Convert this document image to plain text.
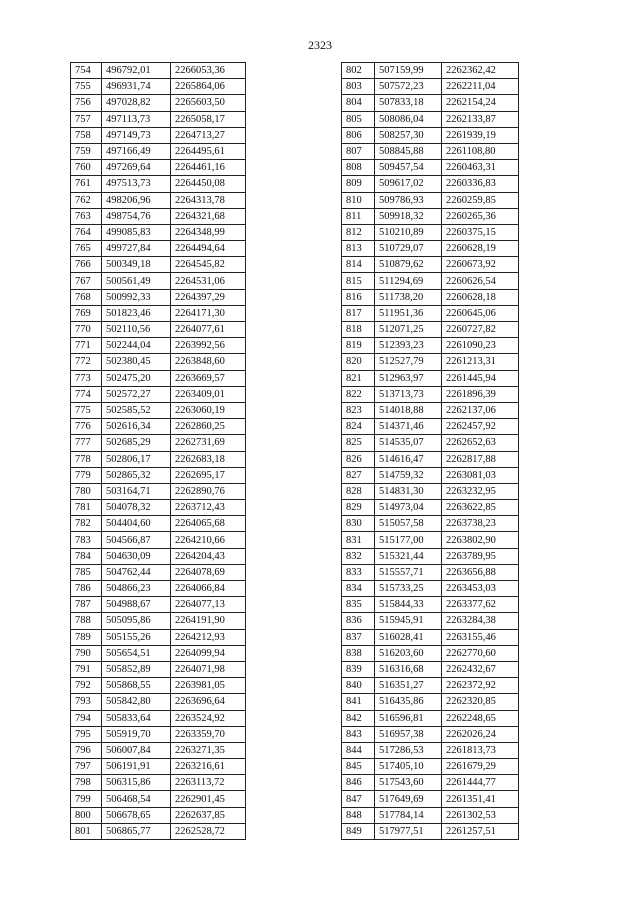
2323
754	496792,01	2266053,36
755	496931,74	2265864,06
756	497028,82	2265603,50
757	497113,73	2265058,17
758	497149,73	2264713,27
759	497166,49	2264495,61
760	497269,64	2264461,16
761	497513,73	2264450,08
762	498206,96	2264313,78
763	498754,76	2264321,68
764	499085,83	2264348,99
765	499727,84	2264494,64
766	500349,18	2264545,82
767	500561,49	2264531,06
768	500992,33	2264397,29
769	501823,46	2264171,30
770	502110,56	2264077,61
771	502244,04	2263992,56
772	502380,45	2263848,60
773	502475,20	2263669,57
774	502572,27	2263409,01
775	502585,52	2263060,19
776	502616,34	2262860,25
777	502685,29	2262731,69
778	502806,17	2262683,18
779	502865,32	2262695,17
780	503164,71	2262890,76
781	504078,32	2263712,43
782	504404,60	2264065,68
783	504566,87	2264210,66
784	504630,09	2264204,43
785	504762,44	2264078,69
786	504866,23	2264066,84
787	504988,67	2264077,13
788	505095,86	2264191,90
789	505155,26	2264212,93
790	505654,51	2264099,94
791	505852,89	2264071,98
792	505868,55	2263981,05
793	505842,80	2263696,64
794	505833,64	2263524,92
795	505919,70	2263359,70
796	506007,84	2263271,35
797	506191,91	2263216,61
798	506315,86	2263113,72
799	506468,54	2262901,45
800	506678,65	2262637,85
801	506865,77	2262528,72
802	507159,99	2262362,42
803	507572,23	2262211,04
804	507833,18	2262154,24
805	508086,04	2262133,87
806	508257,30	2261939,19
807	508845,88	2261108,80
808	509457,54	2260463,31
809	509617,02	2260336,83
810	509786,93	2260259,85
811	509918,32	2260265,36
812	510210,89	2260375,15
813	510729,07	2260628,19
814	510879,62	2260673,92
815	511294,69	2260626,54
816	511738,20	2260628,18
817	511951,36	2260645,06
818	512071,25	2260727,82
819	512393,23	2261090,23
820	512527,79	2261213,31
821	512963,97	2261445,94
822	513713,73	2261896,39
823	514018,88	2262137,06
824	514371,46	2262457,92
825	514535,07	2262652,63
826	514616,47	2262817,88
827	514759,32	2263081,03
828	514831,30	2263232,95
829	514973,04	2263622,85
830	515057,58	2263738,23
831	515177,00	2263802,90
832	515321,44	2263789,95
833	515557,71	2263656,88
834	515733,25	2263453,03
835	515844,33	2263377,62
836	515945,91	2263284,38
837	516028,41	2263155,46
838	516203,60	2262770,60
839	516316,68	2262432,67
840	516351,27	2262372,92
841	516435,86	2262320,85
842	516596,81	2262248,65
843	516957,38	2262026,24
844	517286,53	2261813,73
845	517405,10	2261679,29
846	517543,60	2261444,77
847	517649,69	2261351,41
848	517784,14	2261302,53
849	517977,51	2261257,51
